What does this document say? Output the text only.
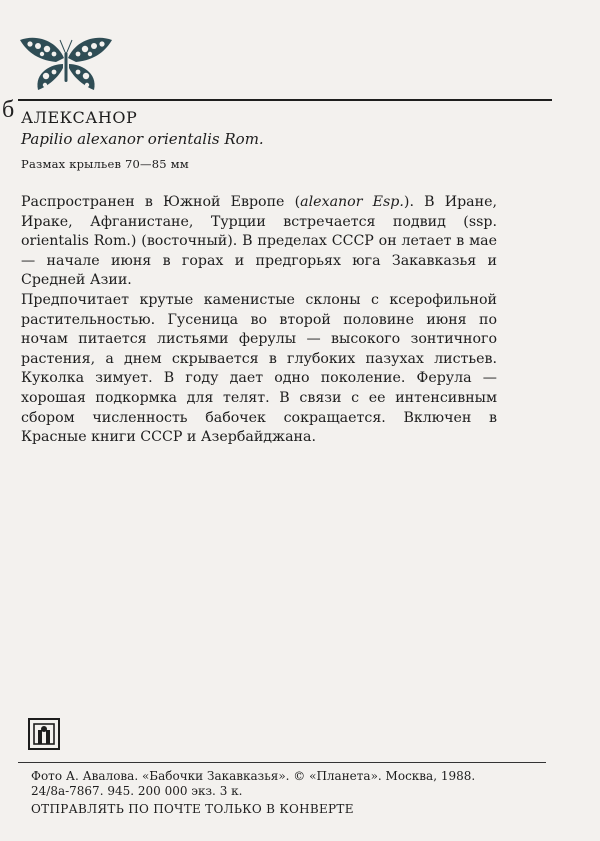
б АЛЕКСАНОР

Papilio alexanor orientalis Rom.

Размах крыльев 70—85 мм

Распространен в Южной Европе (alexanor Esp.). В Иране, Ираке, Афганистане, Турции встречается подвид (ssp. orientalis Rom.) (восточный). В пределах СССР он летает в мае — начале июня в горах и предгорьях юга Закавказья и Средней Азии.

Предпочитает крутые каменистые склоны с ксерофильной растительностью. Гусеница во второй половине июня по ночам питается листьями ферулы — высокого зонтичного растения, а днем скрывается в глубоких пазухах листьев. Куколка зимует. В году дает одно поколение. Ферула — хорошая подкормка для телят. В связи с ее интенсивным сбором численность бабочек сокращается. Включен в Красные книги СССР и Азербайджана.

Фото А. Авалова. «Бабочки Закавказья». © «Планета». Москва, 1988.
24/8а-7867. 945. 200 000 экз. 3 к.

ОТПРАВЛЯТЬ ПО ПОЧТЕ ТОЛЬКО В КОНВЕРТЕ
